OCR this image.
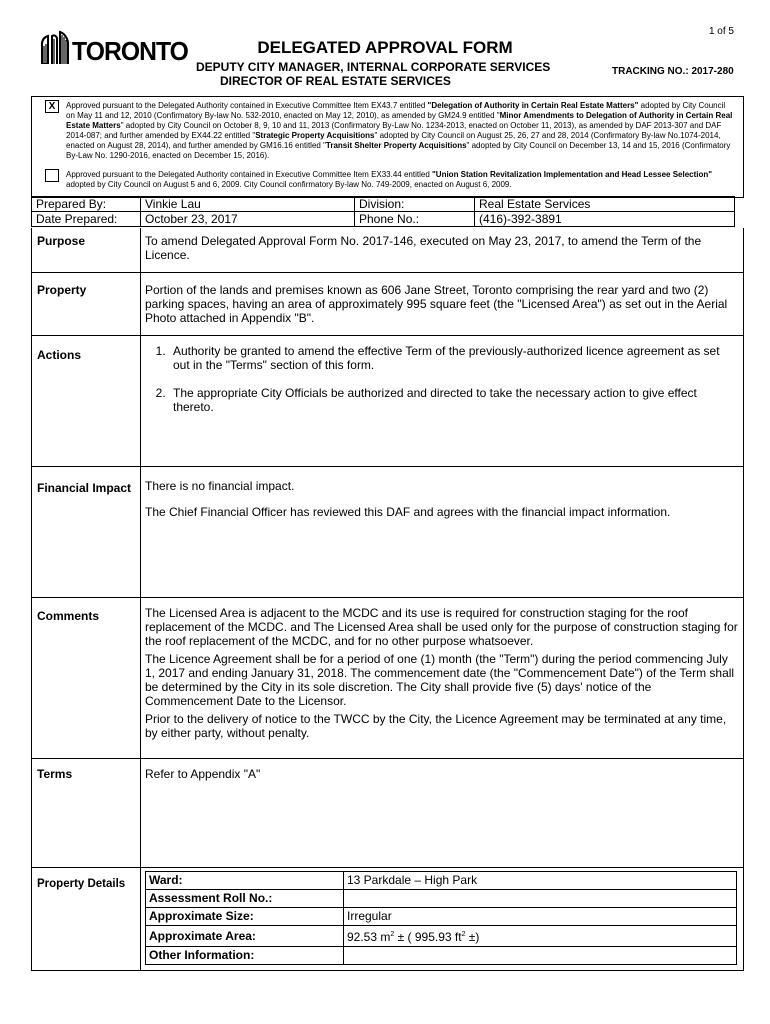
1 of 5
TORONTO	DELEGATED APPROVAL FORM
DEPUTY CITY MANAGER, INTERNAL CORPORATE SERVICES
DIRECTOR OF REAL ESTATE SERVICES
TRACKING NO.: 2017-280
X	Approved pursuant to the Delegated Authority contained in Executive Committee Item EX43.7 entitled "Delegation of Authority in Certain Real Estate Matters" adopted by City Council on May 11 and 12, 2010 (Confirmatory By-law No. 532-2010, enacted on May 12, 2010), as amended by GM24.9 entitled "Minor Amendments to Delegation of Authority in Certain Real Estate Matters" adopted by City Council on October 8, 9, 10 and 11, 2013 (Confirmatory By-Law No. 1234-2013, enacted on October 11, 2013), as amended by DAF 2013-307 and DAF 2014-087; and further amended by EX44.22 entitled "Strategic Property Acquisitions" adopted by City Council on August 25, 26, 27 and 28, 2014 (Confirmatory By-law No.1074-2014, enacted on August 28, 2014), and further amended by GM16.16 entitled "Transit Shelter Property Acquisitions" adopted by City Council on December 13, 14 and 15, 2016 (Confirmatory By-Law No. 1290-2016, enacted on December 15, 2016).
Approved pursuant to the Delegated Authority contained in Executive Committee Item EX33.44 entitled "Union Station Revitalization Implementation and Head Lessee Selection" adopted by City Council on August 5 and 6, 2009. City Council confirmatory By-law No. 749-2009, enacted on August 6, 2009.
Prepared By:	Vinkie Lau	Division:	Real Estate Services
Date Prepared:	October 23, 2017	Phone No.:	(416)-392-3891
Purpose	To amend Delegated Approval Form No. 2017-146, executed on May 23, 2017, to amend the Term of the Licence.
Property	Portion of the lands and premises known as 606 Jane Street, Toronto comprising the rear yard and two (2) parking spaces, having an area of approximately 995 square feet (the "Licensed Area") as set out in the Aerial Photo attached in Appendix "B".
Actions	1. Authority be granted to amend the effective Term of the previously-authorized licence agreement as set out in the "Terms" section of this form.
2. The appropriate City Officials be authorized and directed to take the necessary action to give effect thereto.
Financial Impact There is no financial impact.

The Chief Financial Officer has reviewed this DAF and agrees with the financial impact information.

Comments	The Licensed Area is adjacent to the MCDC and its use is required for construction staging for the roof replacement of the MCDC. and The Licensed Area shall be used only for the purpose of construction staging for the roof replacement of the MCDC, and for no other purpose whatsoever.

The Licence Agreement shall be for a period of one (1) month (the "Term") during the period commencing July 1, 2017 and ending January 31, 2018. The commencement date (the "Commencement Date") of the Term shall be determined by the City in its sole discretion. The City shall provide five (5) days' notice of the Commencement Date to the Licensor.

Prior to the delivery of notice to the TWCC by the City, the Licence Agreement may be terminated at any time, by either party, without penalty.

Terms	Refer to Appendix "A"
Property Details Ward:	13 Parkdale – High Park
Assessment Roll No.:	
Approximate Size:	Irregular
Approximate Area:	92.53 $m^2$ ± ( 995.93 $ft^2$ ±)
Other Information:	
